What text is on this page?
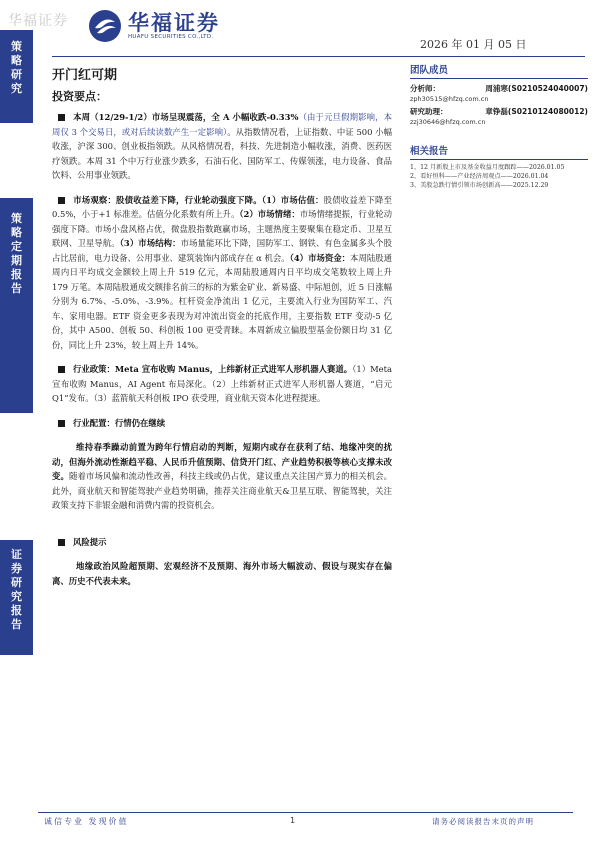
华福证券
策
略
研
究
策
略
定
期
报
告
证
券
研
究
报
告
华福证券
HUAFU SECURITIES CO.,LTD.
2026 年 01 月 05 日
开门红可期
投资要点：

本周（12/29-1/2）市场呈现震荡，全 A 小幅收跌-0.33%（由于元旦假期影响，本周仅 3 个交易日，或对后续读数产生一定影响）。从指数情况看，上证指数、中证 500 小幅收涨，沪深 300、创业板指领跌。从风格情况看，科技、先进制造小幅收涨，消费、医药医疗领跌。本周 31 个中万行业涨少跌多，石油石化、国防军工、传媒领涨，电力设备、食品饮料、公用事业领跌。

市场观察：股债收益差下降，行业轮动强度下降。（1）市场估值：股债收益差下降至 0.5%，小于+1 标准差。估值分化系数有所上升。（2）市场情绪：市场情绪提振，行业轮动强度下降。市场小盘风格占优，微盘股指数跑赢市场，主题热度主要聚集在稳定币、卫星互联网、卫星导航。（3）市场结构：市场量能环比下降，国防军工、钢铁、有色金属多头个股占比居前，电力设备、公用事业、建筑装饰内部成存在 α 机会。（4）市场资金：本周陆股通周内日平均成交金额较上周上升 519 亿元，本周陆股通周内日平均成交笔数较上周上升 179 万笔。本周陆股通成交额排名前三的标的为紫金矿业、新易盛、中际旭创，近 5 日涨幅分别为 6.7%、-5.0%、-3.9%。杠杆资金净流出 1 亿元，主要流入行业为国防军工、汽车、家用电器。ETF 资金更多表现为对冲流出资金的托底作用，主要指数 ETF 变动-5 亿份，其中 A500、创板 50、科创板 100 更受青睐。本周新成立偏股型基金份额日均 31 亿份，同比上升 23%，较上周上升 14%。

行业政策：Meta 宣布收购 Manus，上纬新材正式进军人形机器人赛道。（1）Meta 宣布收购 Manus，AI Agent 布局深化。（2）上纬新材正式进军人形机器人赛道，“启元 Q1”发布。（3）蓝箭航天科创板 IPO 获受理，商业航天资本化进程提速。

行业配置：行情仍在继续

维持春季躁动前置为跨年行情启动的判断，短期内或存在获利了结、地缘冲突的扰动，但海外流动性渐趋平稳、人民币升值预期、信贷开门红、产业趋势积极等核心支撑未改变。随着市场风偏和流动性改善，科技主线或仍占优，建议重点关注国产算力的相关机会。此外，商业航天和智能驾驶产业趋势明确，推荐关注商业航天&卫星互联、智能驾驶，关注政策支持下非银金融和消费内需的投资机会。

风险提示

地缘政治风险超预期、宏观经济不及预期、海外市场大幅波动、假设与现实存在偏离、历史不代表未来。

团队成员
分析师：	周浦寒(S0210524040007)
zph30515@hfzq.com.cn
研究助理：	章铮磊(S0210124080012)
zzj30646@hfzq.com.cn
相关报告
1、12 月新股上市及基金收益月度跟踪——2026.01.05
2、看好恒科——产业经济周观点——2026.01.04
3、美股急跌行情引领市场创新高——2025.12.29
诚信专业 发现价值	1	请务必阅读报告末页的声明
